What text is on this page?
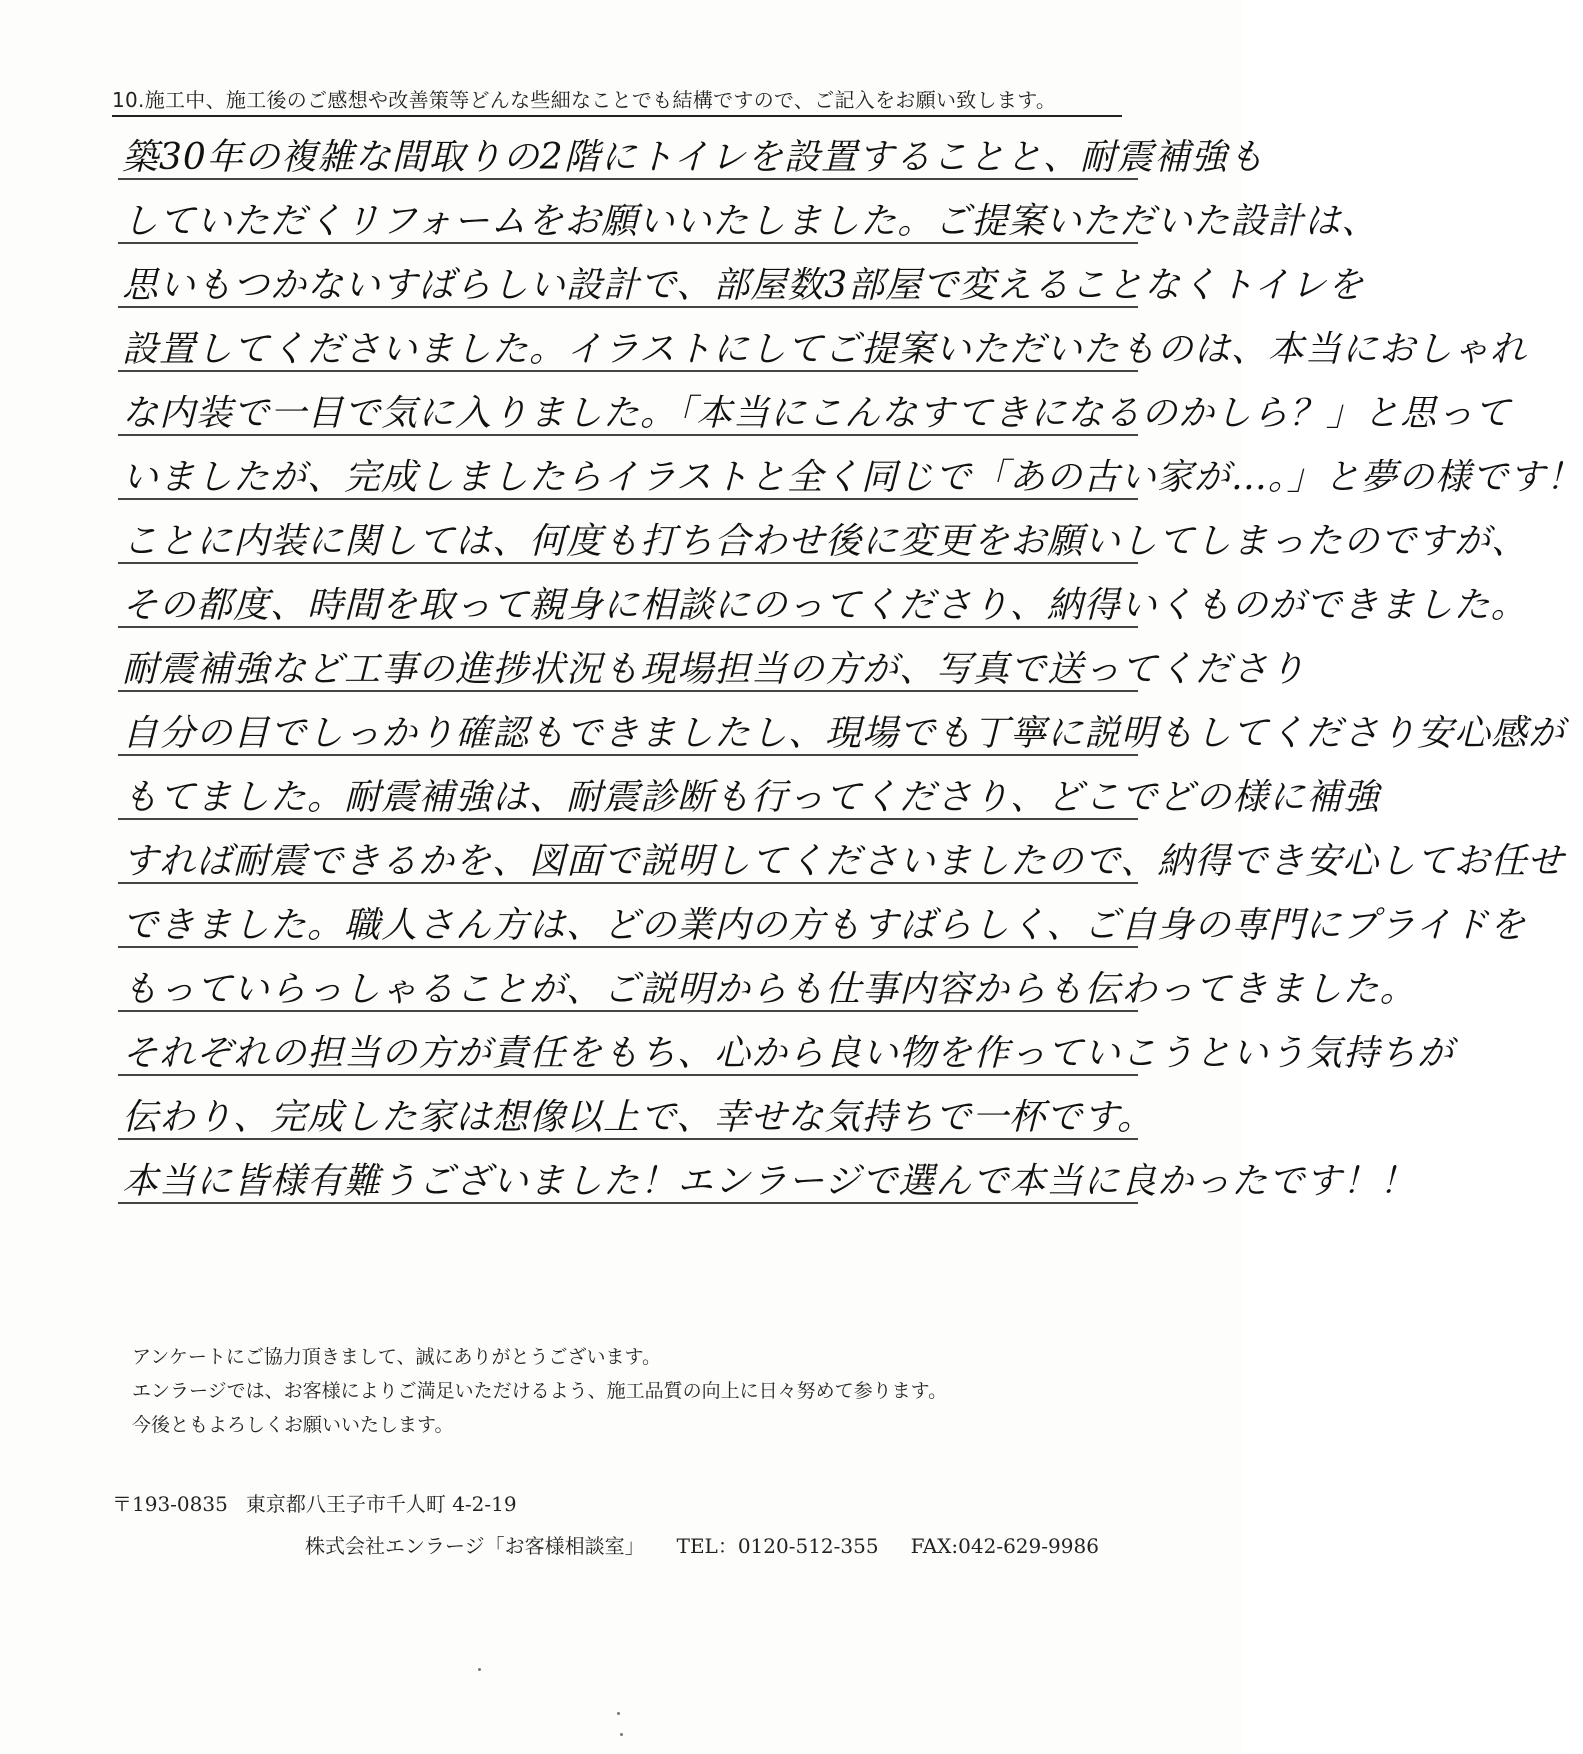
10.施工中、施工後のご感想や改善策等どんな些細なことでも結構ですので、ご記入をお願い致します。
築30年の複雑な間取りの2階にトイレを設置することと、耐震補強も
していただくリフォームをお願いいたしました。ご提案いただいた設計は、
思いもつかないすばらしい設計で、部屋数3部屋で変えることなくトイレを
設置してくださいました。イラストにしてご提案いただいたものは、本当におしゃれ
な内装で一目で気に入りました。「本当にこんなすてきになるのかしら？」と思って
いましたが、完成しましたらイラストと全く同じで「あの古い家が…。」と夢の様です！
ことに内装に関しては、何度も打ち合わせ後に変更をお願いしてしまったのですが、
その都度、時間を取って親身に相談にのってくださり、納得いくものができました。
耐震補強など工事の進捗状況も現場担当の方が、写真で送ってくださり
自分の目でしっかり確認もできましたし、現場でも丁寧に説明もしてくださり安心感が
もてました。耐震補強は、耐震診断も行ってくださり、どこでどの様に補強
すれば耐震できるかを、図面で説明してくださいましたので、納得でき安心してお任せ
できました。職人さん方は、どの業内の方もすばらしく、ご自身の専門にプライドを
もっていらっしゃることが、ご説明からも仕事内容からも伝わってきました。
それぞれの担当の方が責任をもち、心から良い物を作っていこうという気持ちが
伝わり、完成した家は想像以上で、幸せな気持ちで一杯です。
本当に皆様有難うございました！エンラージで選んで本当に良かったです！！
アンケートにご協力頂きまして、誠にありがとうございます。
エンラージでは、お客様によりご満足いただけるよう、施工品質の向上に日々努めて参ります。
今後ともよろしくお願いいたします。
〒193-0835 東京都八王子市千人町 4-2-19
株式会社エンラージ「お客様相談室」 TEL：0120-512-355 FAX:042-629-9986
